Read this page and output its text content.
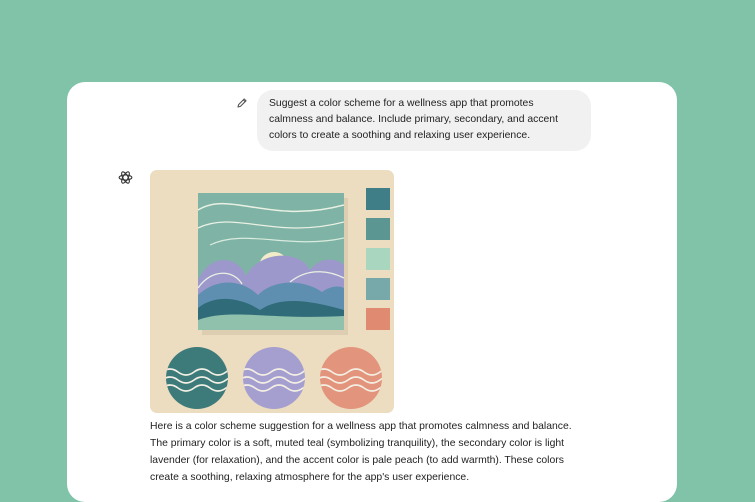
Suggest a color scheme for a wellness app that promotes calmness and balance. Include primary, secondary, and accent colors to create a soothing and relaxing user experience.

Here is a color scheme suggestion for a wellness app that promotes calmness and balance. The primary color is a soft, muted teal (symbolizing tranquility), the secondary color is light lavender (for relaxation), and the accent color is pale peach (to add warmth). These colors create a soothing, relaxing atmosphere for the app's user experience.
